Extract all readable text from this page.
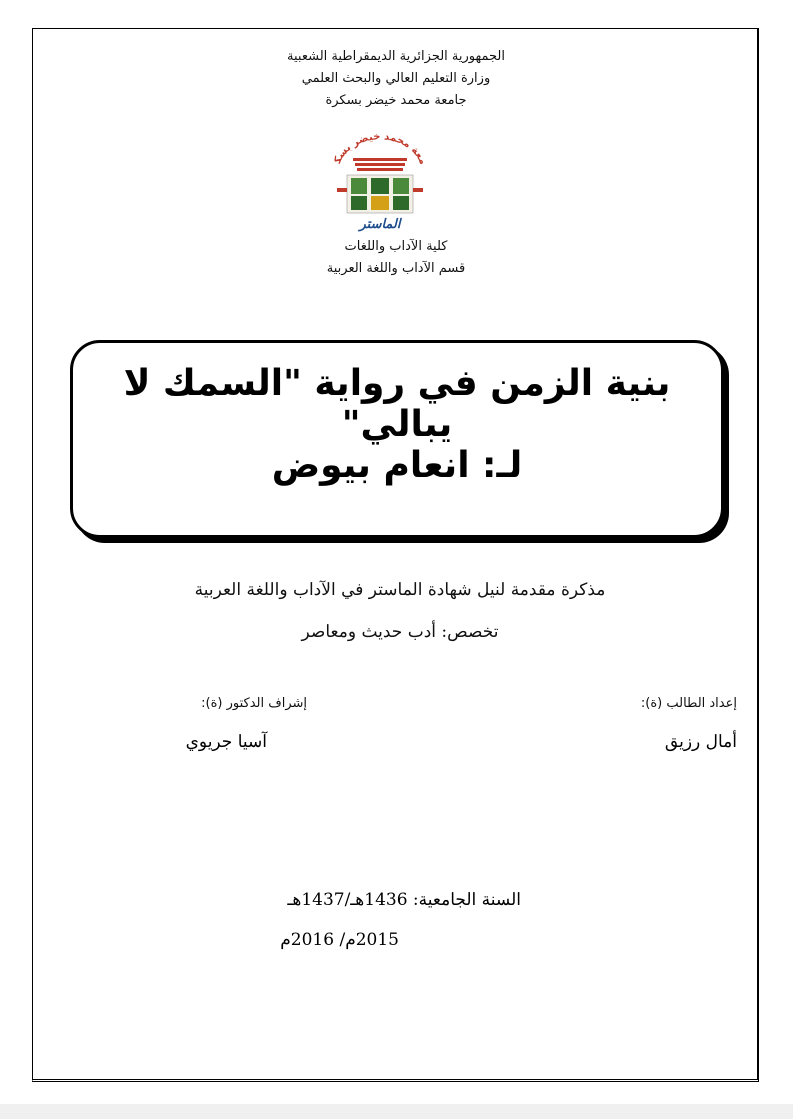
الجمهورية الجزائرية الديمقراطية الشعبية
وزارة التعليم العالي والبحث العلمي
جامعة محمد خيضر بسكرة
معة محمد خيضر بسك
الماستر
كلية الآداب واللغات
قسم الآداب واللغة العربية
بنية الزمن في رواية "السمك لا يبالي"
لـ: انعام بيوض
مذكرة مقدمة لنيل شهادة الماستر في الآداب واللغة العربية
تخصص: أدب حديث ومعاصر
إعداد الطالب (ة):
أمال رزيق
إشراف الدكتور (ة):
آسيا جريوي
السنة الجامعية: 1436هـ/1437هـ
2015م/ 2016م
